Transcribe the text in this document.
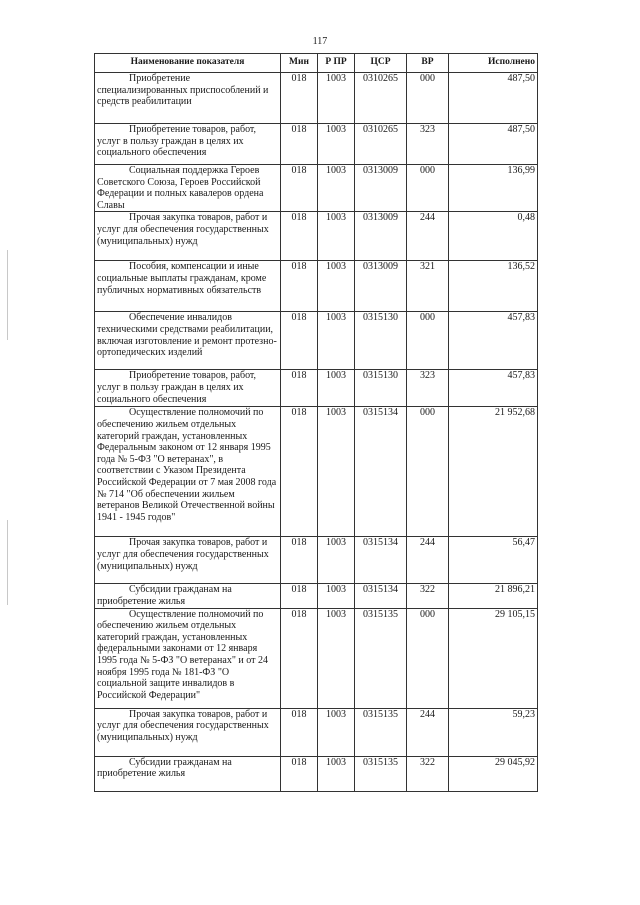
117
Наименование показателя	Мин	Р ПР	ЦСР	ВР	Исполнено
Приобретение специализированных приспособлений и средств реабилитации	018	1003	0310265	000	487,50
Приобретение товаров, работ, услуг в пользу граждан в целях их социального обеспечения	018	1003	0310265	323	487,50
Социальная поддержка Героев Советского Союза, Героев Российской Федерации и полных кавалеров ордена Славы	018	1003	0313009	000	136,99
Прочая закупка товаров, работ и услуг для обеспечения государственных (муниципальных) нужд	018	1003	0313009	244	0,48
Пособия, компенсации и иные социальные выплаты гражданам, кроме публичных нормативных обязательств	018	1003	0313009	321	136,52
Обеспечение инвалидов техническими средствами реабилитации, включая изготовление и ремонт протезно-ортопедических изделий	018	1003	0315130	000	457,83
Приобретение товаров, работ, услуг в пользу граждан в целях их социального обеспечения	018	1003	0315130	323	457,83
Осуществление полномочий по обеспечению жильем отдельных категорий граждан, установленных Федеральным законом от 12 января 1995 года № 5-ФЗ "О ветеранах", в соответствии с Указом Президента Российской Федерации от 7 мая 2008 года № 714 "Об обеспечении жильем ветеранов Великой Отечественной войны 1941 - 1945 годов"	018	1003	0315134	000	21 952,68
Прочая закупка товаров, работ и услуг для обеспечения государственных (муниципальных) нужд	018	1003	0315134	244	56,47
Субсидии гражданам на приобретение жилья	018	1003	0315134	322	21 896,21
Осуществление полномочий по обеспечению жильем отдельных категорий граждан, установленных федеральными законами от 12 января 1995 года № 5-ФЗ "О ветеранах" и от 24 ноября 1995 года № 181-ФЗ "О социальной защите инвалидов в Российской Федерации"	018	1003	0315135	000	29 105,15
Прочая закупка товаров, работ и услуг для обеспечения государственных (муниципальных) нужд	018	1003	0315135	244	59,23
Субсидии гражданам на приобретение жилья	018	1003	0315135	322	29 045,92
